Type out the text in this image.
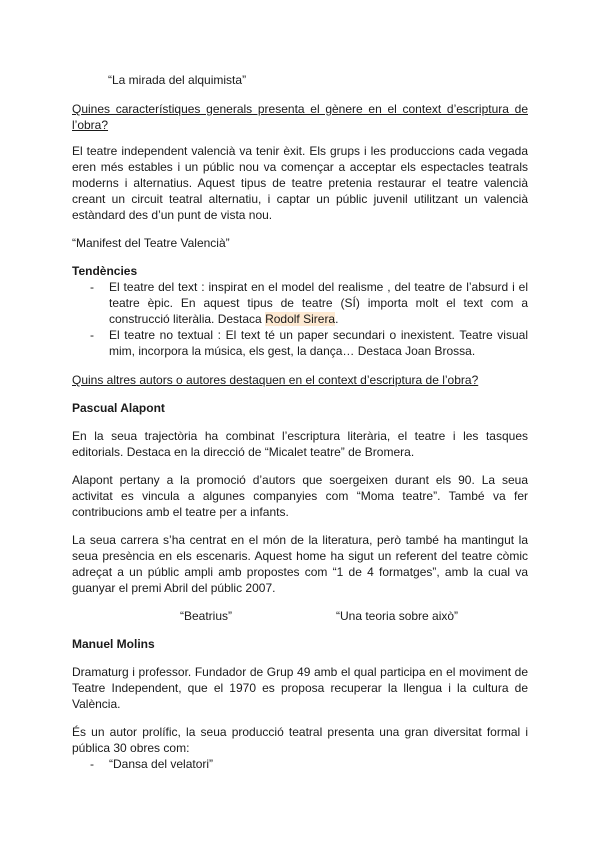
“La mirada del alquimista”

Quines característiques generals presenta el gènere en el context d’escriptura de l’obra?

El teatre independent valencià va tenir èxit. Els grups i les produccions cada vegada eren més estables i un públic nou va començar a acceptar els espectacles teatrals moderns i alternatius. Aquest tipus de teatre pretenia restaurar el teatre valencià creant un circuit teatral alternatiu, i captar un públic juvenil utilitzant un valencià estàndard des d’un punt de vista nou.

“Manifest del Teatre Valencià”

Tendències

- El teatre del text : inspirat en el model del realisme , del teatre de l’absurd i el teatre èpic. En aquest tipus de teatre (SÍ) importa molt el text com a construcció literàlia. Destaca Rodolf Sirera.
- El teatre no textual : El text té un paper secundari o inexistent. Teatre visual mim, incorpora la música, els gest, la dança… Destaca Joan Brossa.

Quins altres autors o autores destaquen en el context d’escriptura de l’obra?

Pascual Alapont

En la seua trajectòria ha combinat l’escriptura literària, el teatre i les tasques editorials. Destaca en la direcció de “Micalet teatre” de Bromera.

Alapont pertany a la promoció d’autors que soergeixen durant els 90. La seua activitat es vincula a algunes companyies com “Moma teatre”. També va fer contribucions amb el teatre per a infants.

La seua carrera s’ha centrat en el món de la literatura, però també ha mantingut la seua presència en els escenaris. Aquest home ha sigut un referent del teatre còmic adreçat a un públic ampli amb propostes com “1 de 4 formatges”, amb la cual va guanyar el premi Abril del públic 2007.

“Beatrius”	“Una teoria sobre això”

Manuel Molins

Dramaturg i professor. Fundador de Grup 49 amb el qual participa en el moviment de Teatre Independent, que el 1970 es proposa recuperar la llengua i la cultura de València.

És un autor prolífic, la seua producció teatral presenta una gran diversitat formal i pública 30 obres com:

- “Dansa del velatori”
